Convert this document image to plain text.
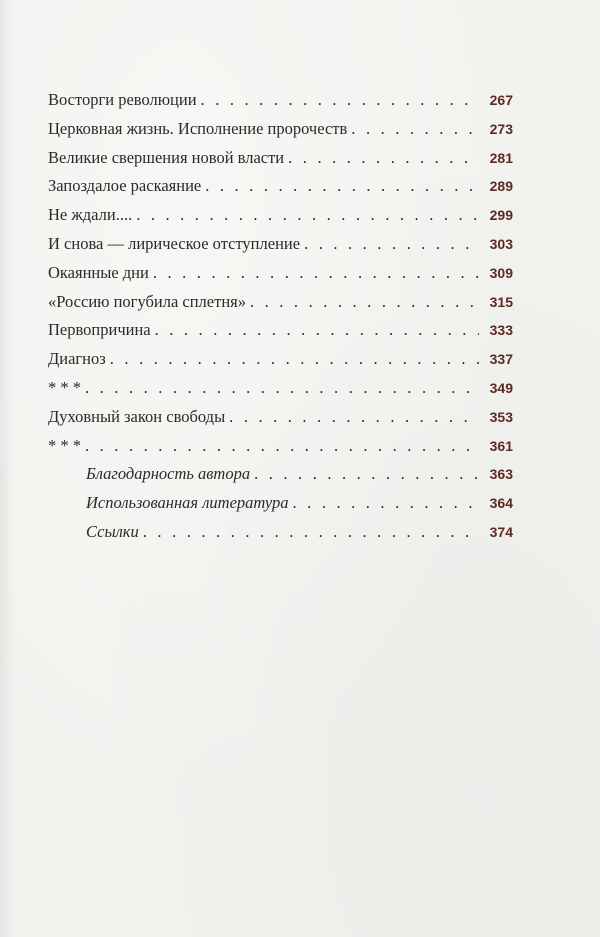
Восторги революции . . .	267
Церковная жизнь. Исполнение пророчеств . . .	273
Великие свершения новой власти . . .	281
Запоздалое раскаяние . . .	289
Не ждали.... . . .	299
И снова — лирическое отступление . . .	303
Окаянные дни . . .	309
«Россию погубила сплетня» . . .	315
Первопричина . . .	333
Диагноз . . .	337
* * * . . .	349
Духовный закон свободы . . .	353
* * * . . .	361
Благодарность автора . . .	363
Использованная литература . . .	364
Ссылки . . .	374
